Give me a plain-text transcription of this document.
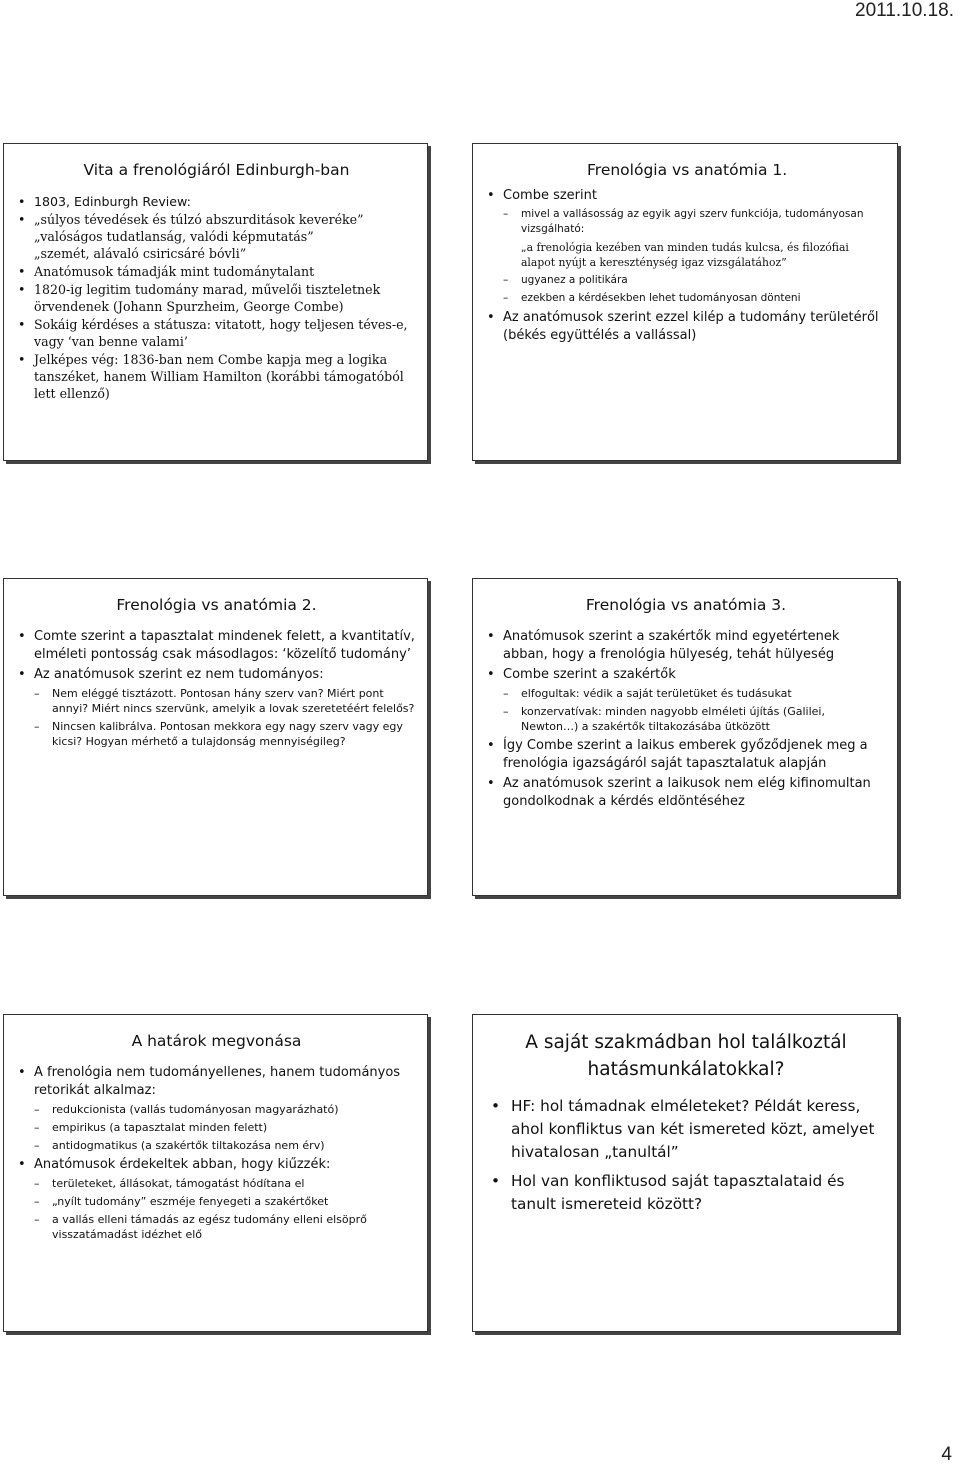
2011.10.18.
Vita a frenológiáról Edinburgh-ban
• 1803, Edinburgh Review:
• „súlyos tévedések és túlzó abszurditások keveréke”
„valóságos tudatlanság, valódi képmutatás”
„szemét, alávaló csiricsáré bóvli”
• Anatómusok támadják mint tudománytalant
• 1820-ig legitim tudomány marad, művelői tiszteletnek örvendenek (Johann Spurzheim, George Combe)
• Sokáig kérdéses a státusza: vitatott, hogy teljesen téves-e, vagy ‘van benne valami’
• Jelképes vég: 1836-ban nem Combe kapja meg a logika tanszéket, hanem William Hamilton (korábbi támogatóból lett ellenző)
Frenológia vs anatómia 1.
• Combe szerint
– mivel a vallásosság az egyik agyi szerv funkciója, tudományosan vizsgálható:
„a frenológia kezében van minden tudás kulcsa, és filozófiai alapot nyújt a kereszténység igaz vizsgálatához”
– ugyanez a politikára
– ezekben a kérdésekben lehet tudományosan dönteni
• Az anatómusok szerint ezzel kilép a tudomány területéről (békés együttélés a vallással)
Frenológia vs anatómia 2.
• Comte szerint a tapasztalat mindenek felett, a kvantitatív, elméleti pontosság csak másodlagos: ‘közelítő tudomány’
• Az anatómusok szerint ez nem tudományos:
– Nem eléggé tisztázott. Pontosan hány szerv van? Miért pont annyi? Miért nincs szervünk, amelyik a lovak szeretetéért felelős?
– Nincsen kalibrálva. Pontosan mekkora egy nagy szerv vagy egy kicsi? Hogyan mérhető a tulajdonság mennyiségileg?
Frenológia vs anatómia 3.
• Anatómusok szerint a szakértők mind egyetértenek abban, hogy a frenológia hülyeség, tehát hülyeség
• Combe szerint a szakértők
– elfogultak: védik a saját területüket és tudásukat
– konzervatívak: minden nagyobb elméleti újítás (Galilei, Newton…) a szakértők tiltakozásába ütközött
• Így Combe szerint a laikus emberek győződjenek meg a frenológia igazságáról saját tapasztalatuk alapján
• Az anatómusok szerint a laikusok nem elég kifinomultan gondolkodnak a kérdés eldöntéséhez
A határok megvonása
• A frenológia nem tudományellenes, hanem tudományos retorikát alkalmaz:
– redukcionista (vallás tudományosan magyarázható)
– empirikus (a tapasztalat minden felett)
– antidogmatikus (a szakértők tiltakozása nem érv)
• Anatómusok érdekeltek abban, hogy kiűzzék:
– területeket, állásokat, támogatást hódítana el
– „nyílt tudomány” eszméje fenyegeti a szakértőket
– a vallás elleni támadás az egész tudomány elleni elsöprő visszatámadást idézhet elő
A saját szakmádban hol találkoztál hatásmunkálatokkal?
• HF: hol támadnak elméleteket? Példát keress, ahol konfliktus van két ismereted közt, amelyet hivatalosan „tanultál”
• Hol van konfliktusod saját tapasztalataid és tanult ismereteid között?
4
